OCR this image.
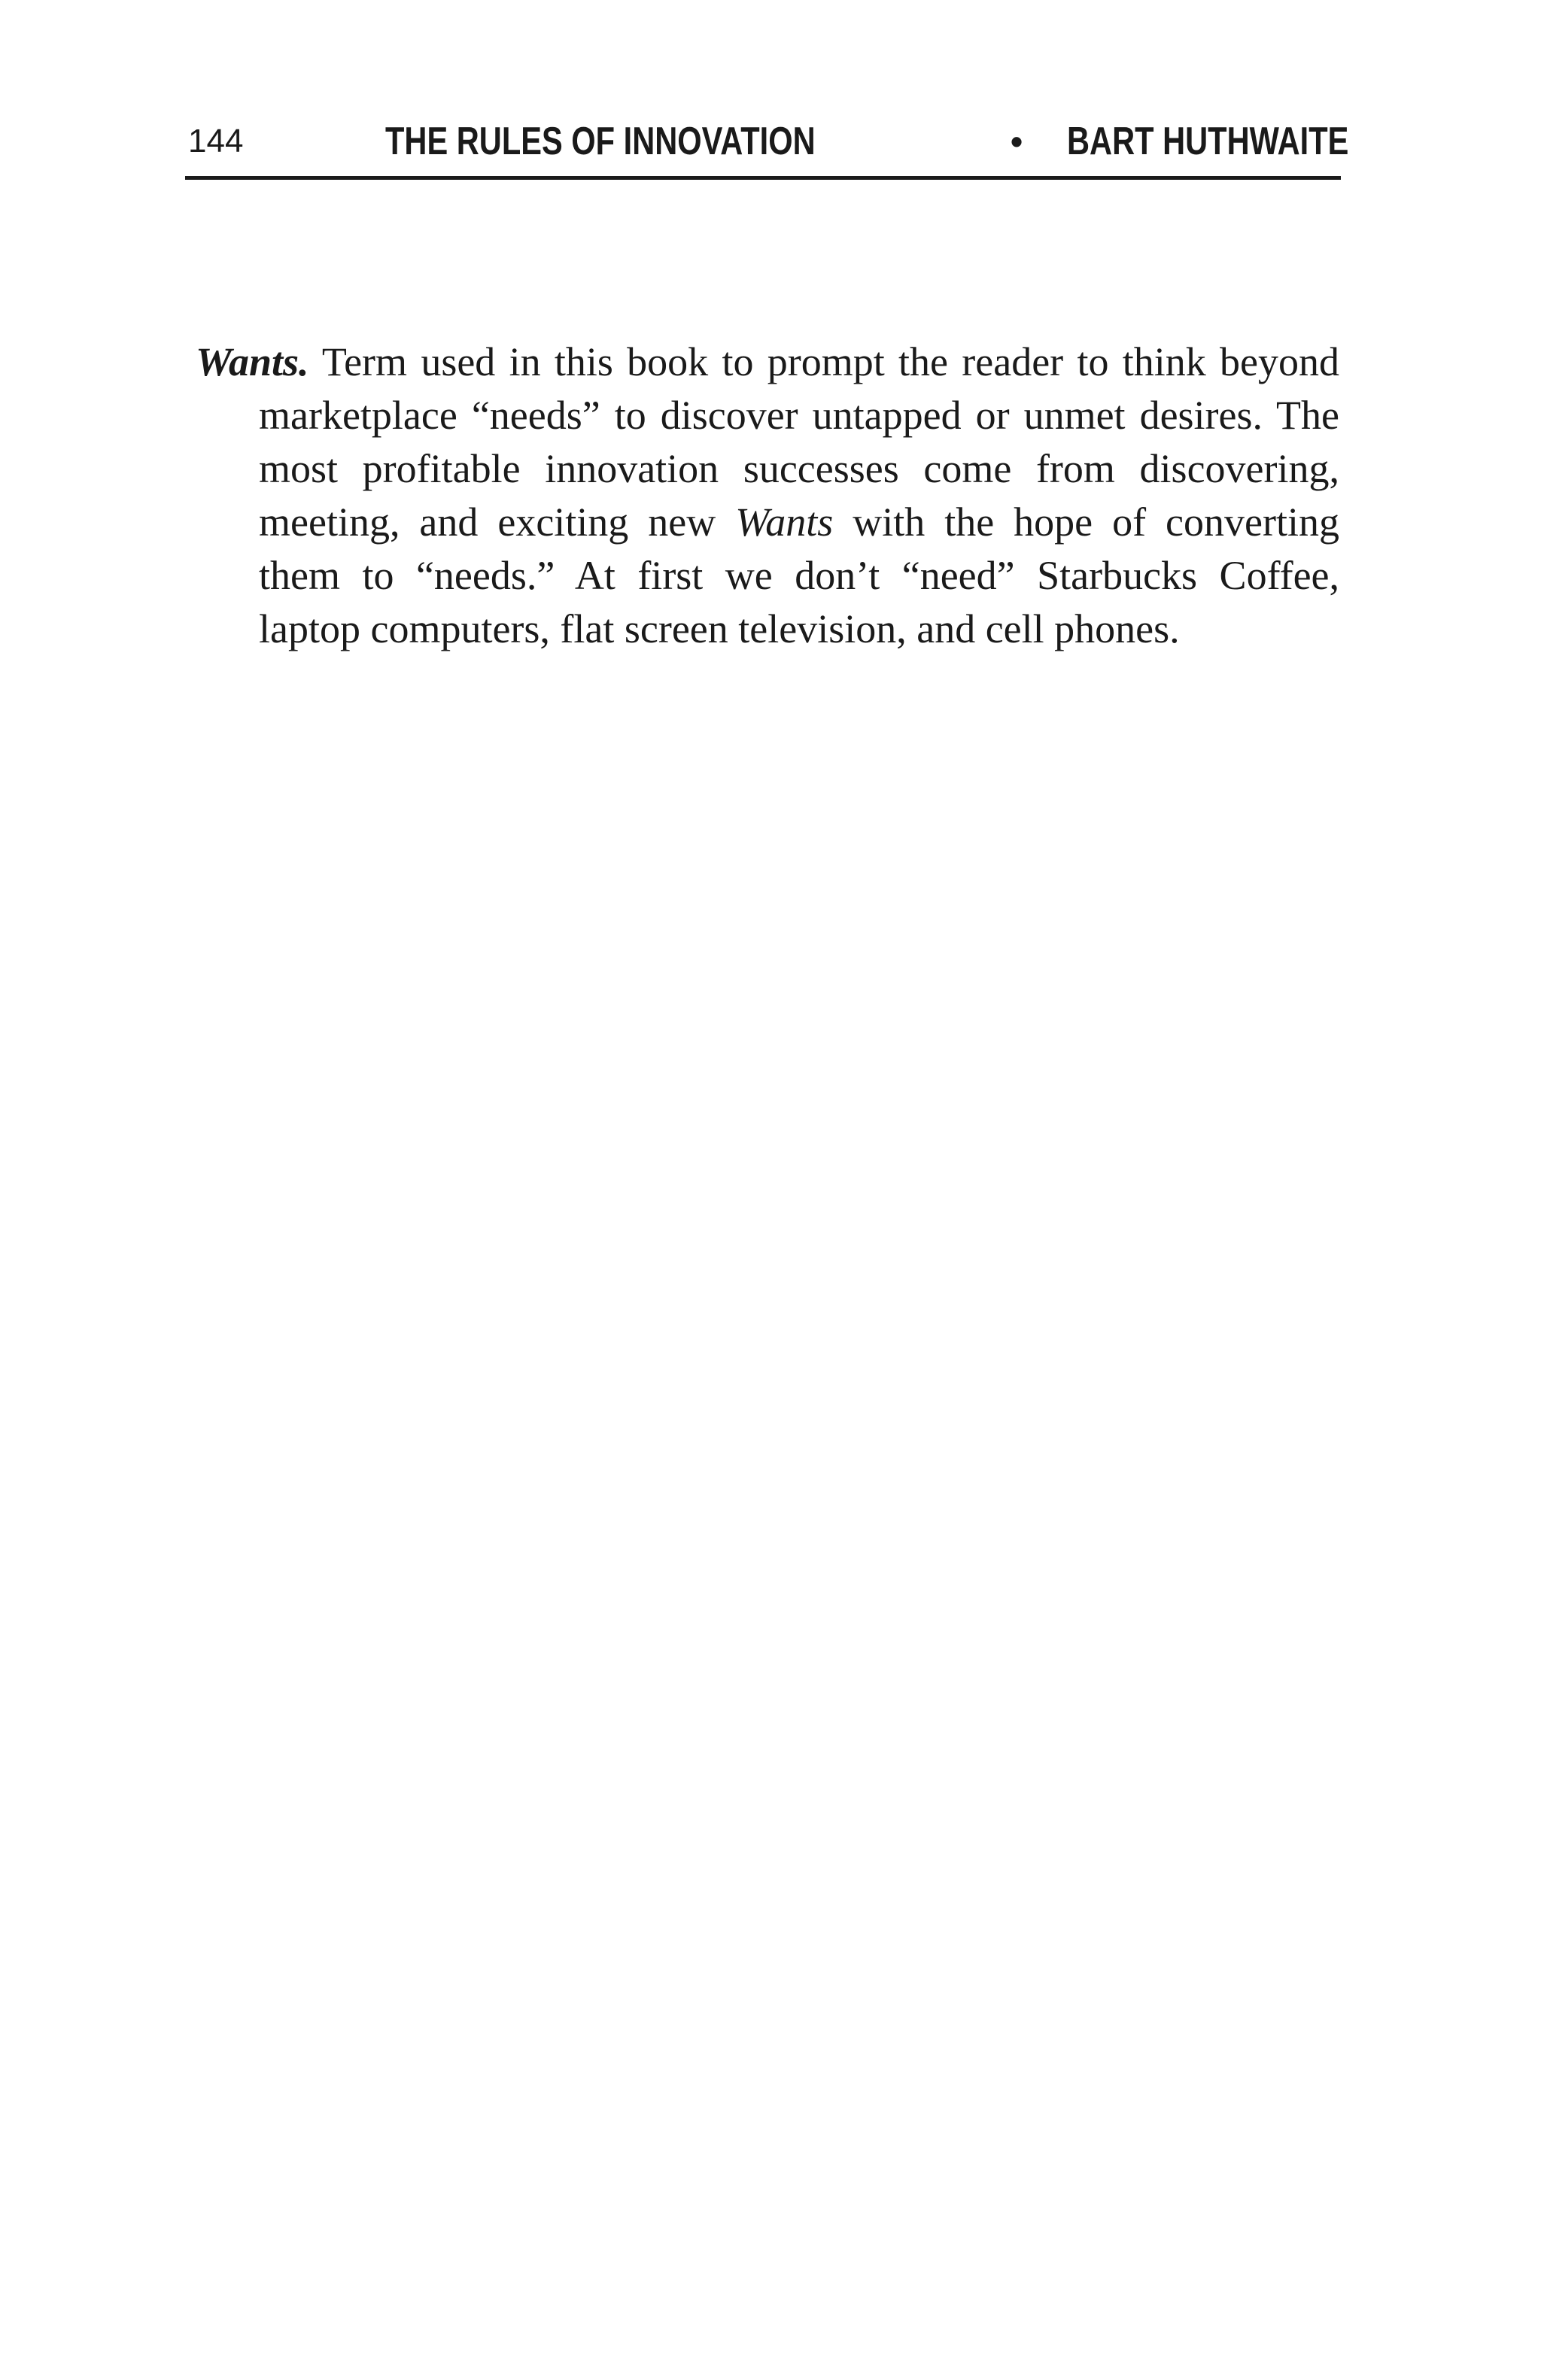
144	THE RULES OF INNOVATION	• BART HUTHWAITE

Wants. Term used in this book to prompt the reader to think beyond marketplace “needs” to discover untapped or unmet desires. The most profitable innovation successes come from discovering, meeting, and exciting new Wants with the hope of converting them to “needs.” At first we don’t “need” Starbucks Coffee, laptop computers, flat screen television, and cell phones.
